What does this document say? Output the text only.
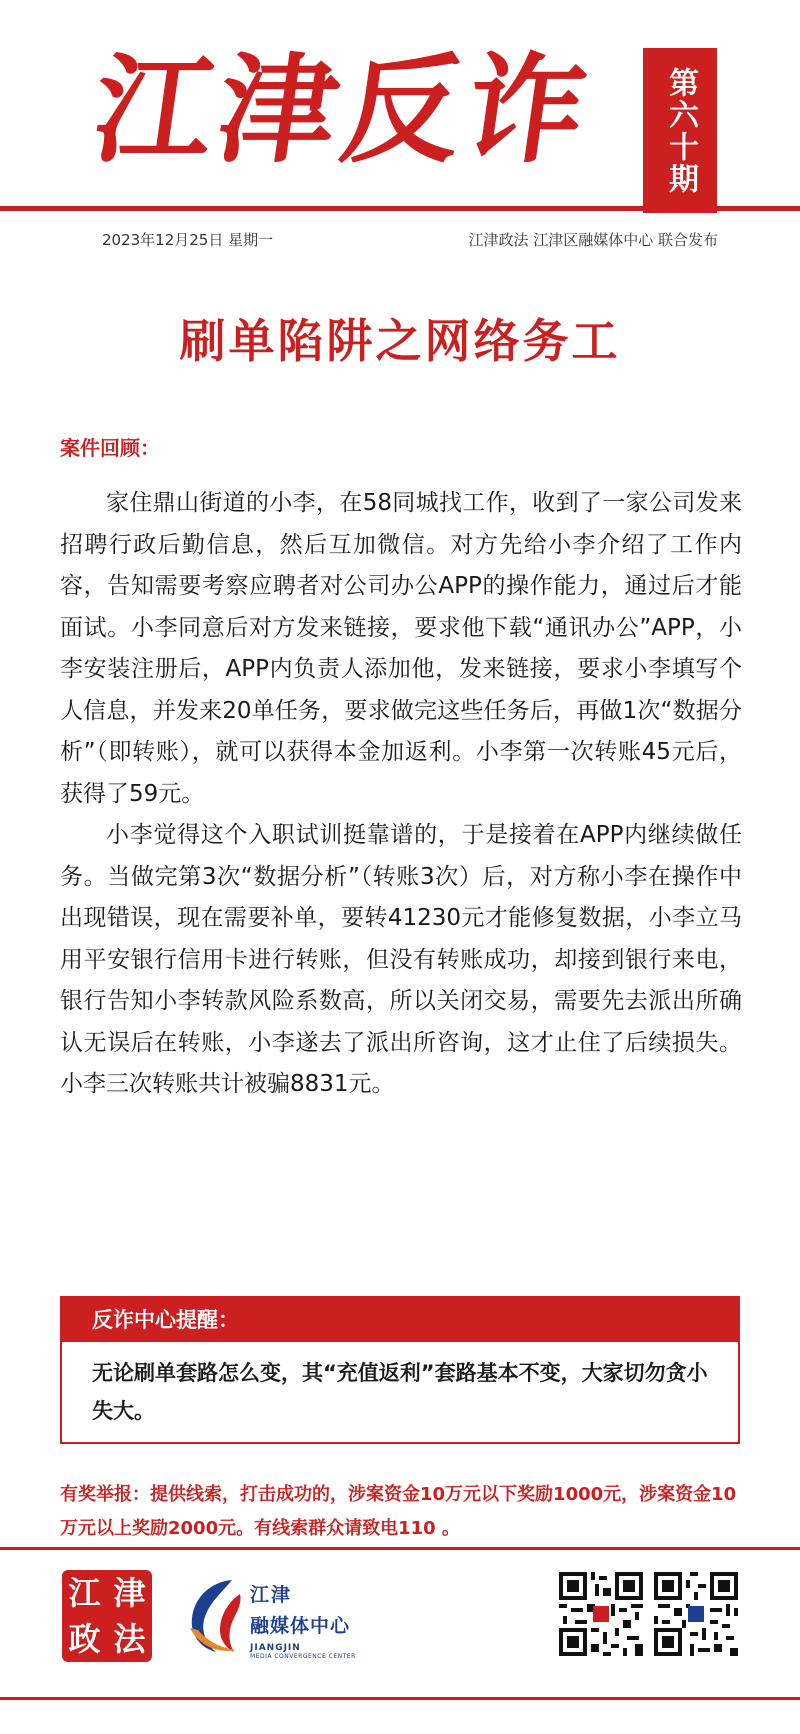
江津反诈	第六十期
2023年12月25日 星期一	江津政法 江津区融媒体中心 联合发布
刷单陷阱之网络务工
案件回顾：

家住鼎山街道的小李，在58同城找工作，收到了一家公司发来招聘行政后勤信息，然后互加微信。对方先给小李介绍了工作内容，告知需要考察应聘者对公司办公APP的操作能力，通过后才能面试。小李同意后对方发来链接，要求他下载“通讯办公”APP，小李安装注册后，APP内负责人添加他，发来链接，要求小李填写个人信息，并发来20单任务，要求做完这些任务后，再做1次“数据分析”（即转账），就可以获得本金加返利。小李第一次转账45元后，获得了59元。

小李觉得这个入职试训挺靠谱的，于是接着在APP内继续做任务。当做完第3次“数据分析”（转账3次）后，对方称小李在操作中出现错误，现在需要补单，要转41230元才能修复数据，小李立马用平安银行信用卡进行转账，但没有转账成功，却接到银行来电，银行告知小李转款风险系数高，所以关闭交易，需要先去派出所确认无误后在转账，小李遂去了派出所咨询，这才止住了后续损失。小李三次转账共计被骗8831元。

反诈中心提醒：
无论刷单套路怎么变，其“充值返利”套路基本不变，大家切勿贪小失大。
有奖举报：提供线索，打击成功的，涉案资金10万元以下奖励1000元，涉案资金10万元以上奖励2000元。有线索群众请致电110 。
江 津
政 法
江津
融媒体中心
JIANGJIN
MEDIA CONVERGENCE CENTER
